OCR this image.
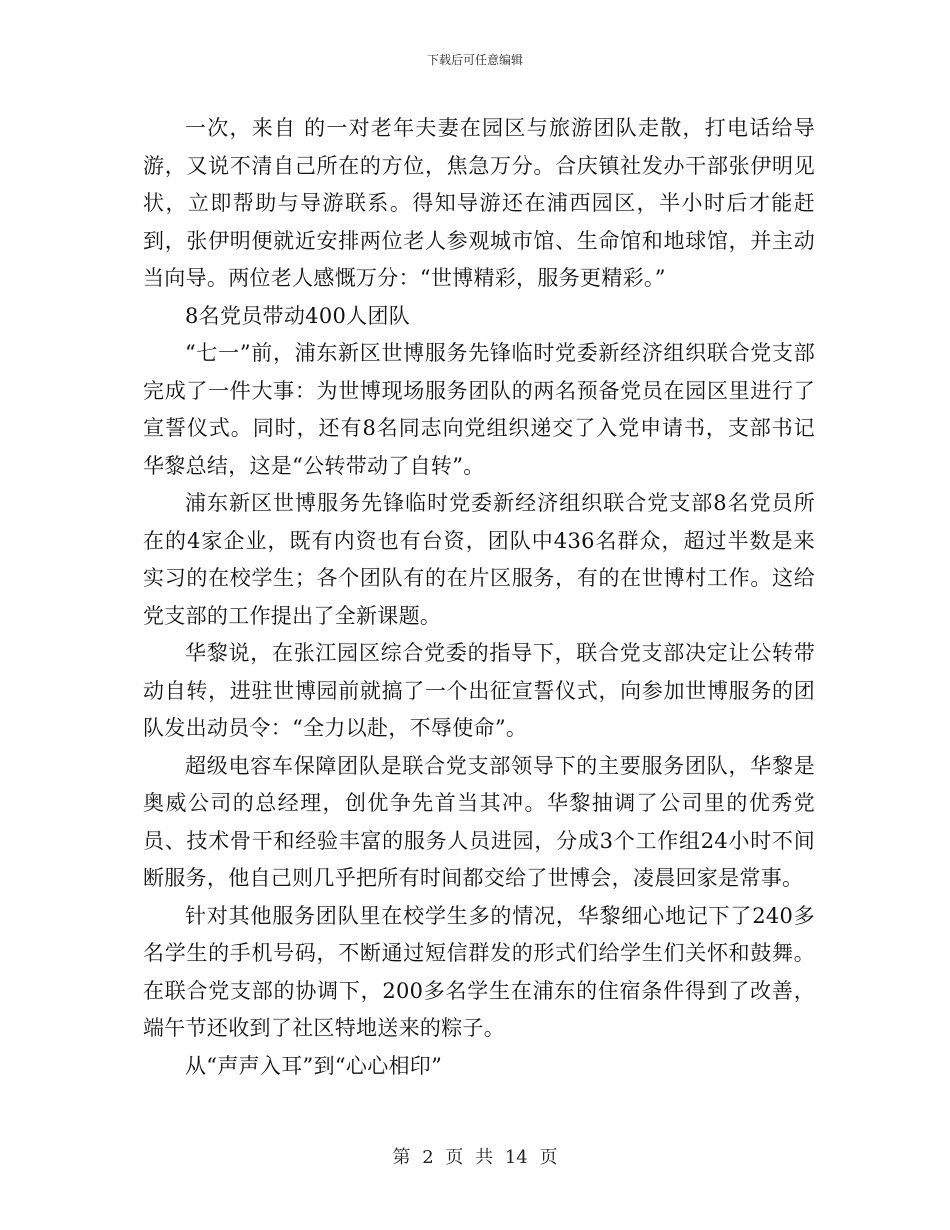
下载后可任意编辑

一次，来自 的一对老年夫妻在园区与旅游团队走散，打电话给导游，又说不清自己所在的方位，焦急万分。合庆镇社发办干部张伊明见状，立即帮助与导游联系。得知导游还在浦西园区，半小时后才能赶到，张伊明便就近安排两位老人参观城市馆、生命馆和地球馆，并主动当向导。两位老人感慨万分：“世博精彩，服务更精彩。”

8名党员带动400人团队

“七一”前，浦东新区世博服务先锋临时党委新经济组织联合党支部完成了一件大事：为世博现场服务团队的两名预备党员在园区里进行了宣誓仪式。同时，还有8名同志向党组织递交了入党申请书，支部书记华黎总结，这是“公转带动了自转”。

浦东新区世博服务先锋临时党委新经济组织联合党支部8名党员所在的4家企业，既有内资也有台资，团队中436名群众，超过半数是来实习的在校学生；各个团队有的在片区服务，有的在世博村工作。这给党支部的工作提出了全新课题。

华黎说，在张江园区综合党委的指导下，联合党支部决定让公转带动自转，进驻世博园前就搞了一个出征宣誓仪式，向参加世博服务的团队发出动员令：“全力以赴，不辱使命”。

超级电容车保障团队是联合党支部领导下的主要服务团队，华黎是奥威公司的总经理，创优争先首当其冲。华黎抽调了公司里的优秀党员、技术骨干和经验丰富的服务人员进园，分成3个工作组24小时不间断服务，他自己则几乎把所有时间都交给了世博会，凌晨回家是常事。

针对其他服务团队里在校学生多的情况，华黎细心地记下了240多名学生的手机号码，不断通过短信群发的形式们给学生们关怀和鼓舞。在联合党支部的协调下，200多名学生在浦东的住宿条件得到了改善，端午节还收到了社区特地送来的粽子。

从“声声入耳”到“心心相印”

第 2 页 共 14 页
